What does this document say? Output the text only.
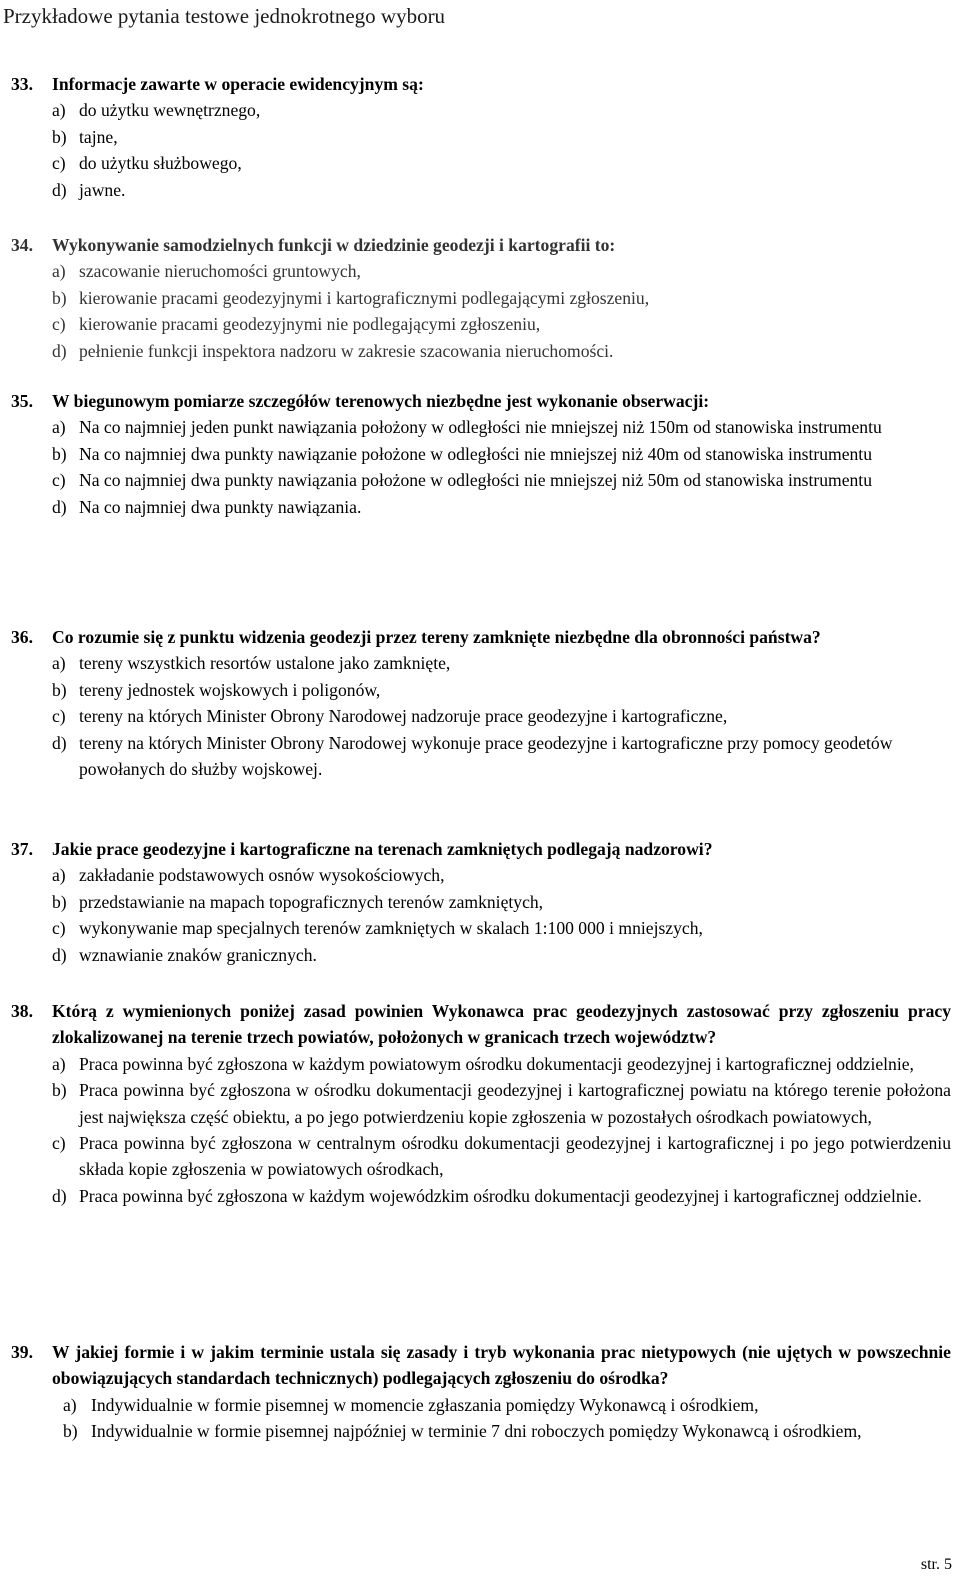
Przykładowe pytania testowe jednokrotnego wyboru
33.	Informacje zawarte w operacie ewidencyjnym są:
a) do użytku wewnętrznego,
b) tajne,
c) do użytku służbowego,
d) jawne.
34.	Wykonywanie samodzielnych funkcji w dziedzinie geodezji i kartografii to:
a) szacowanie nieruchomości gruntowych,
b) kierowanie pracami geodezyjnymi i kartograficznymi podlegającymi zgłoszeniu,
c) kierowanie pracami geodezyjnymi nie podlegającymi zgłoszeniu,
d) pełnienie funkcji inspektora nadzoru w zakresie szacowania nieruchomości.
35.	W biegunowym pomiarze szczegółów terenowych niezbędne jest wykonanie obserwacji:
a) Na co najmniej jeden punkt nawiązania położony w odległości nie mniejszej niż 150m od stanowiska instrumentu
b) Na co najmniej dwa punkty nawiązanie położone w odległości nie mniejszej niż 40m od stanowiska instrumentu
c) Na co najmniej dwa punkty nawiązania położone w odległości nie mniejszej niż 50m od stanowiska instrumentu
d) Na co najmniej dwa punkty nawiązania.
36.	Co rozumie się z punktu widzenia geodezji przez tereny zamknięte niezbędne dla obronności państwa?
a) tereny wszystkich resortów ustalone jako zamknięte,
b) tereny jednostek wojskowych i poligonów,
c) tereny na których Minister Obrony Narodowej nadzoruje prace geodezyjne i kartograficzne,
d) tereny na których Minister Obrony Narodowej wykonuje prace geodezyjne i kartograficzne przy pomocy geodetów powołanych do służby wojskowej.
37.	Jakie prace geodezyjne i kartograficzne na terenach zamkniętych podlegają nadzorowi?
a) zakładanie podstawowych osnów wysokościowych,
b) przedstawianie na mapach topograficznych terenów zamkniętych,
c) wykonywanie map specjalnych terenów zamkniętych w skalach 1:100 000 i mniejszych,
d) wznawianie znaków granicznych.
38.	Którą z wymienionych poniżej zasad powinien Wykonawca prac geodezyjnych zastosować przy zgłoszeniu pracy zlokalizowanej na terenie trzech powiatów, położonych w granicach trzech województw?
a) Praca powinna być zgłoszona w każdym powiatowym ośrodku dokumentacji geodezyjnej i kartograficznej oddzielnie,
b) Praca powinna być zgłoszona w ośrodku dokumentacji geodezyjnej i kartograficznej powiatu na którego terenie położona jest największa część obiektu, a po jego potwierdzeniu kopie zgłoszenia w pozostałych ośrodkach powiatowych,
c) Praca powinna być zgłoszona w centralnym ośrodku dokumentacji geodezyjnej i kartograficznej i po jego potwierdzeniu składa kopie zgłoszenia w powiatowych ośrodkach,
d) Praca powinna być zgłoszona w każdym wojewódzkim ośrodku dokumentacji geodezyjnej i kartograficznej oddzielnie.
39.	W jakiej formie i w jakim terminie ustala się zasady i tryb wykonania prac nietypowych (nie ujętych w powszechnie obowiązujących standardach technicznych) podlegających zgłoszeniu do ośrodka?
a) Indywidualnie w formie pisemnej w momencie zgłaszania pomiędzy Wykonawcą i ośrodkiem,
b) Indywidualnie w formie pisemnej najpóźniej w terminie 7 dni roboczych pomiędzy Wykonawcą i ośrodkiem,
str. 5
